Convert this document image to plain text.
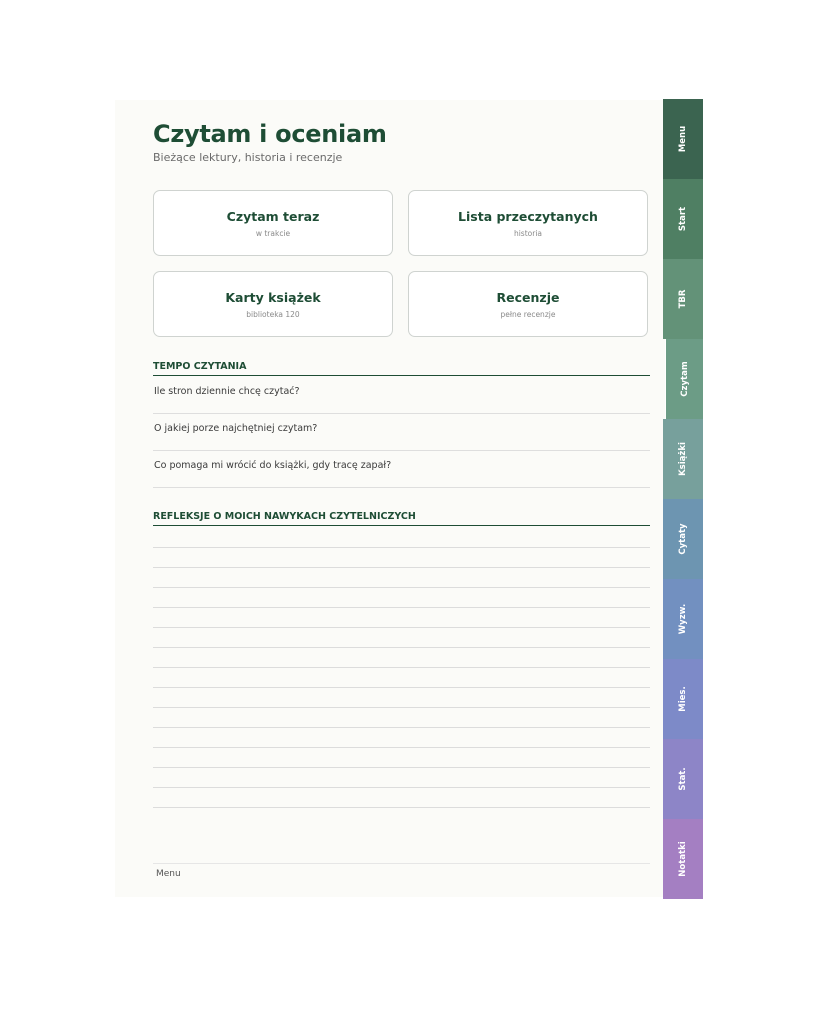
Czytam i oceniam
Bieżące lektury, historia i recenzje
Czytam teraz
w trakcie
Lista przeczytanych
historia
Karty książek
biblioteka 120
Recenzje
pełne recenzje
TEMPO CZYTANIA
Ile stron dziennie chcę czytać?
O jakiej porze najchętniej czytam?
Co pomaga mi wrócić do książki, gdy tracę zapał?
REFLEKSJE O MOICH NAWYKACH CZYTELNICZYCH
Menu
Menu
Start
TBR
Czytam
Książki
Cytaty
Wyzw.
Mies.
Stat.
Notatki
